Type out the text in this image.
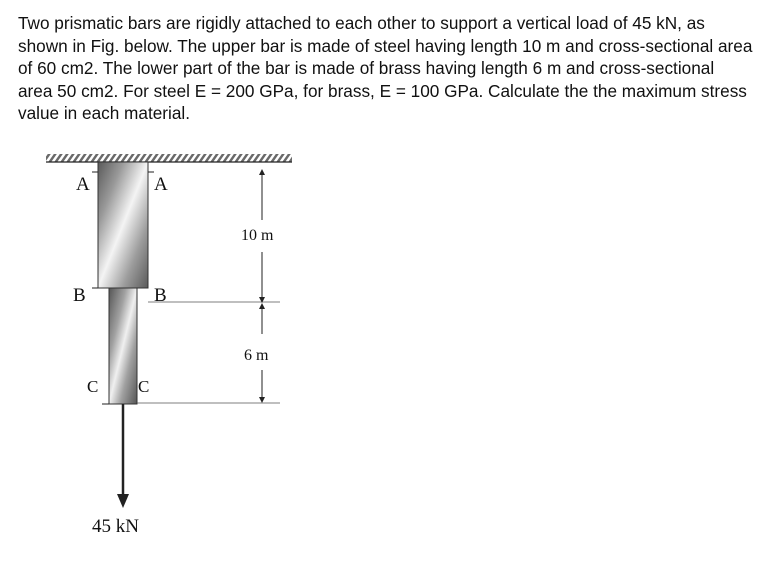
Two prismatic bars are rigidly attached to each other to support a vertical load of 45 kN, as shown in Fig. below. The upper bar is made of steel having length 10 m and cross-sectional area of 60 cm2. The lower part of the bar is made of brass having length 6 m and cross-sectional area 50 cm2. For steel E = 200 GPa, for brass, E = 100 GPa. Calculate the the maximum stress value in each material.

A	A
B	B
C C
10 m
6 m
45 kN
